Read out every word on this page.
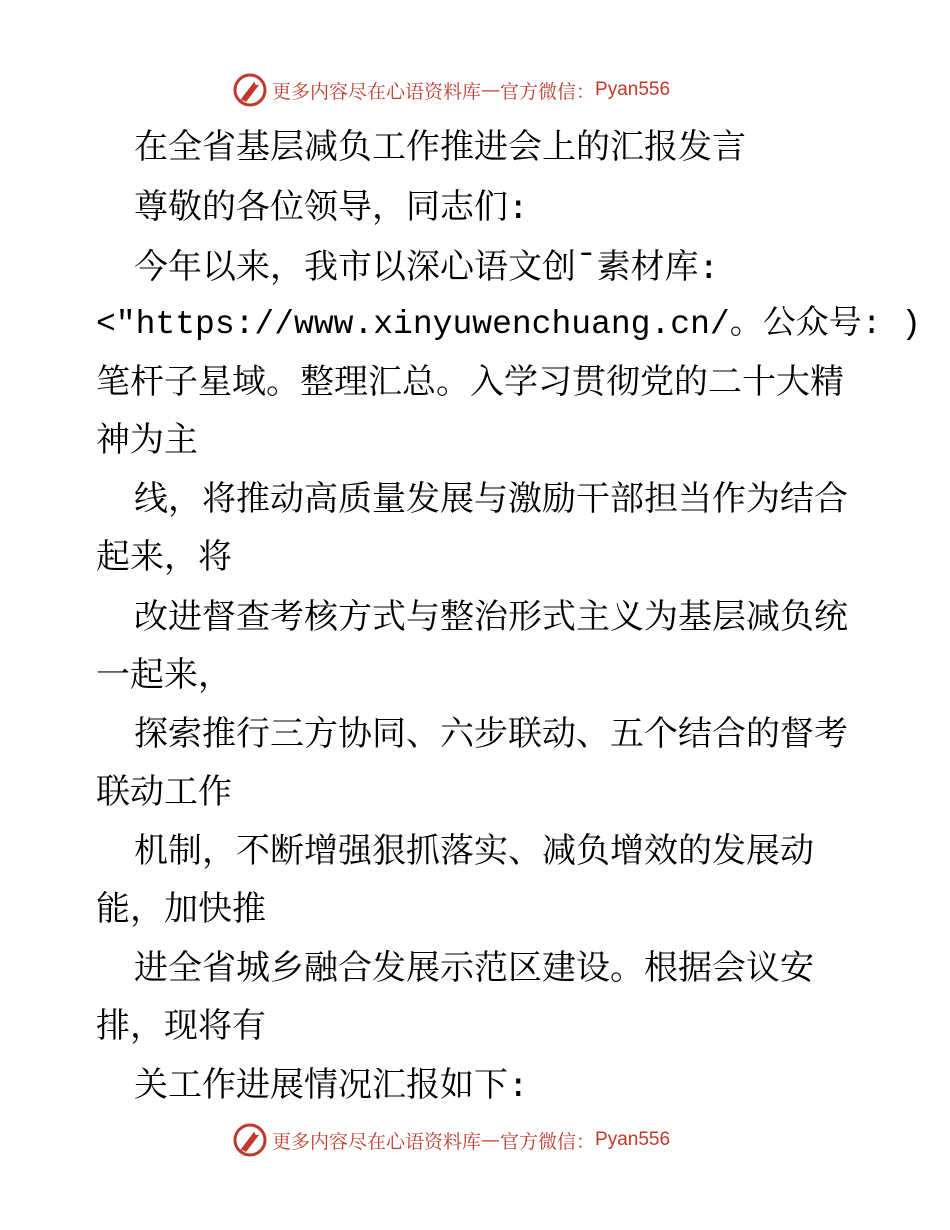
更多内容尽在心语资料库 — 官方微信： Pyan556
在全省基层减负工作推进会上的汇报发言
尊敬的各位领导，同志们:
今年以来，我市以深心语文创¯素材库:
<"https://www.xinyuwenchuang.cn/。公众号: )
笔杆子星域。整理汇总。入学习贯彻党的二十大精
神为主
线，将推动高质量发展与激励干部担当作为结合
起来，将
改进督查考核方式与整治形式主义为基层减负统
一起来，
探索推行三方协同、六步联动、五个结合的督考
联动工作
机制，不断增强狠抓落实、减负增效的发展动
能，加快推
进全省城乡融合发展示范区建设。根据会议安
排，现将有
关工作进展情况汇报如下:
更多内容尽在心语资料库 — 官方微信： Pyan556
